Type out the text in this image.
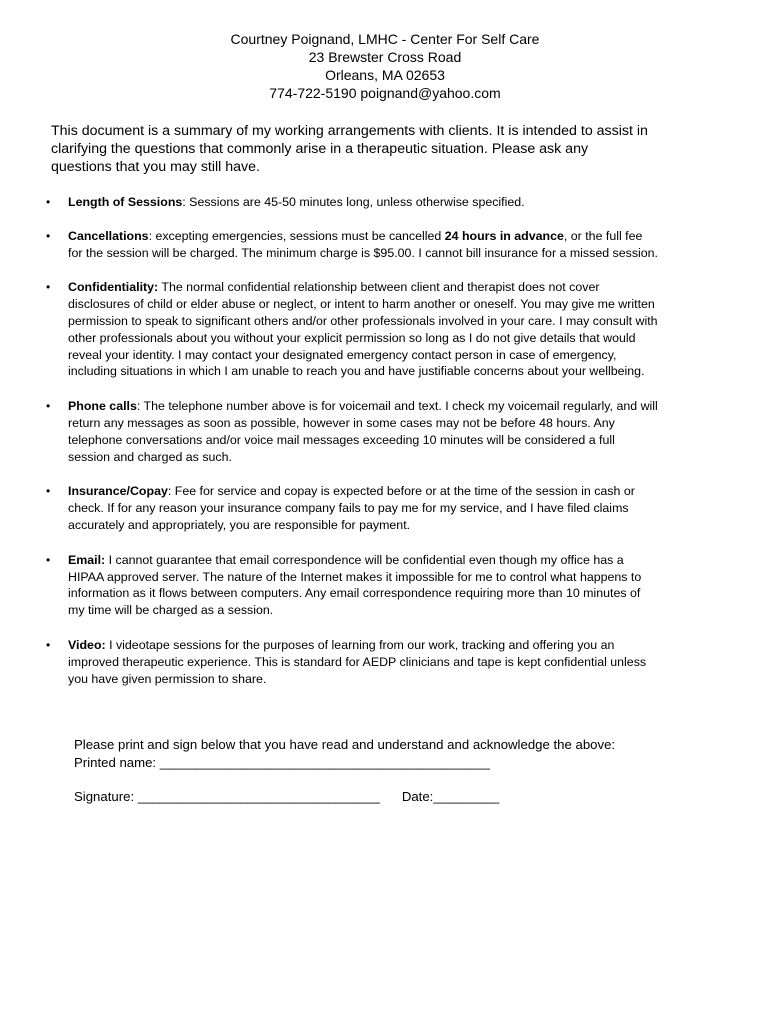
Courtney Poignand, LMHC - Center For Self Care
23 Brewster Cross Road
Orleans, MA 02653
774-722-5190 poignand@yahoo.com
This document is a summary of my working arrangements with clients. It is intended to assist in clarifying the questions that commonly arise in a therapeutic situation. Please ask any questions that you may still have.
• Length of Sessions: Sessions are 45-50 minutes long, unless otherwise specified.
• Cancellations: excepting emergencies, sessions must be cancelled 24 hours in advance, or the full fee for the session will be charged. The minimum charge is $95.00. I cannot bill insurance for a missed session.
• Confidentiality: The normal confidential relationship between client and therapist does not cover disclosures of child or elder abuse or neglect, or intent to harm another or oneself. You may give me written permission to speak to significant others and/or other professionals involved in your care. I may consult with other professionals about you without your explicit permission so long as I do not give details that would reveal your identity. I may contact your designated emergency contact person in case of emergency, including situations in which I am unable to reach you and have justifiable concerns about your wellbeing.
• Phone calls: The telephone number above is for voicemail and text. I check my voicemail regularly, and will return any messages as soon as possible, however in some cases may not be before 48 hours. Any telephone conversations and/or voice mail messages exceeding 10 minutes will be considered a full session and charged as such.
• Insurance/Copay: Fee for service and copay is expected before or at the time of the session in cash or check. If for any reason your insurance company fails to pay me for my service, and I have filed claims accurately and appropriately, you are responsible for payment.
• Email: I cannot guarantee that email correspondence will be confidential even though my office has a HIPAA approved server. The nature of the Internet makes it impossible for me to control what happens to information as it flows between computers. Any email correspondence requiring more than 10 minutes of my time will be charged as a session.
• Video: I videotape sessions for the purposes of learning from our work, tracking and offering you an improved therapeutic experience. This is standard for AEDP clinicians and tape is kept confidential unless you have given permission to share.
Please print and sign below that you have read and understand and acknowledge the above:
Printed name: _____________________________________________
Signature: _________________________________ Date:_________
